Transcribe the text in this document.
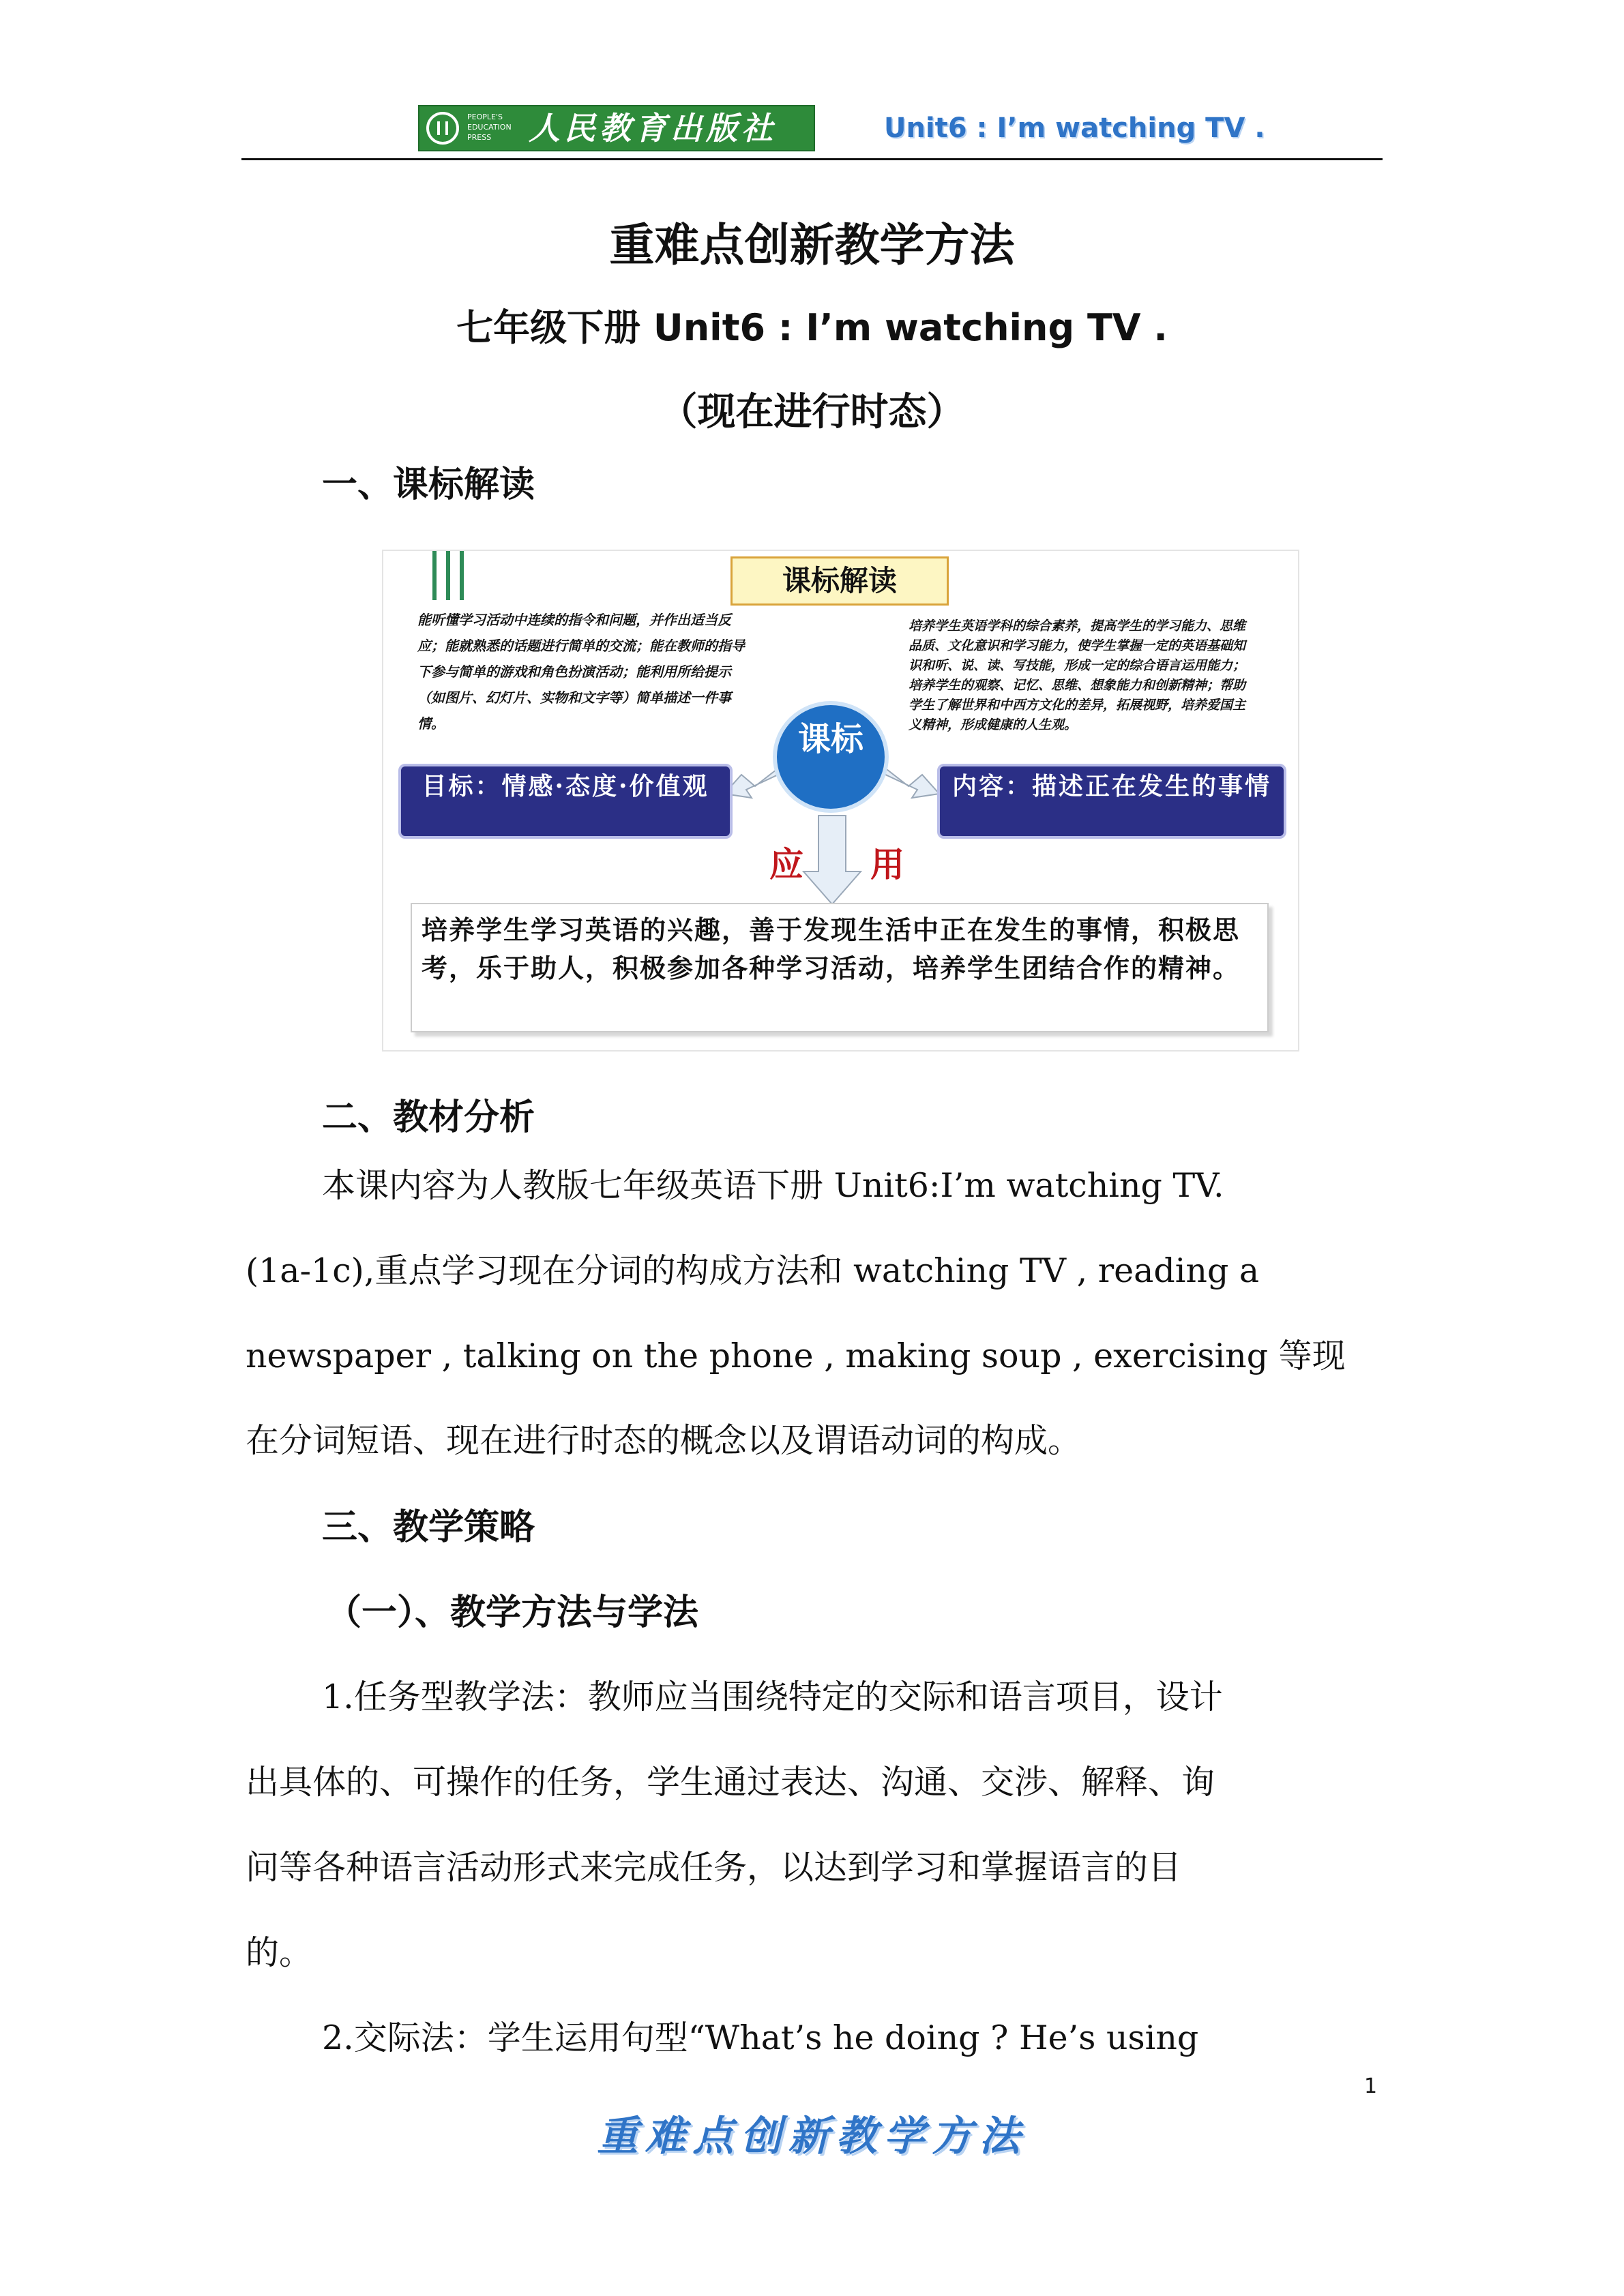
PEOPLE'S EDUCATION PRESS	人民教育出版社	Unit6 : I’m watching TV .
重难点创新教学方法
七年级下册 Unit6 : I’m watching TV .
（现在进行时态）
一、课标解读
课标解读
能听懂学习活动中连续的指令和问题，并作出适当反应；能就熟悉的话题进行简单的交流；能在教师的指导下参与简单的游戏和角色扮演活动；能利用所给提示（如图片、幻灯片、实物和文字等）简单描述一件事情。
培养学生英语学科的综合素养，提高学生的学习能力、思维品质、文化意识和学习能力，使学生掌握一定的英语基础知识和听、说、读、写技能，形成一定的综合语言运用能力；培养学生的观察、记忆、思维、想象能力和创新精神；帮助学生了解世界和中西方文化的差异，拓展视野，培养爱国主义精神，形成健康的人生观。
课标
目标：情感·态度·价值观	内容：描述正在发生的事情
应 用
培养学生学习英语的兴趣，善于发现生活中正在发生的事情，积极思考，乐于助人，积极参加各种学习活动，培养学生团结合作的精神。
二、教材分析
本课内容为人教版七年级英语下册 Unit6:I’m watching TV.
(1a-1c),重点学习现在分词的构成方法和 watching TV , reading a
newspaper , talking on the phone , making soup , exercising 等现
在分词短语、现在进行时态的概念以及谓语动词的构成。
三、教学策略
（一）、教学方法与学法
1.任务型教学法：教师应当围绕特定的交际和语言项目，设计
出具体的、可操作的任务，学生通过表达、沟通、交涉、解释、询
问等各种语言活动形式来完成任务，以达到学习和掌握语言的目
的。
2.交际法：学生运用句型“What’s he doing ? He’s using
1
重难点创新教学方法
